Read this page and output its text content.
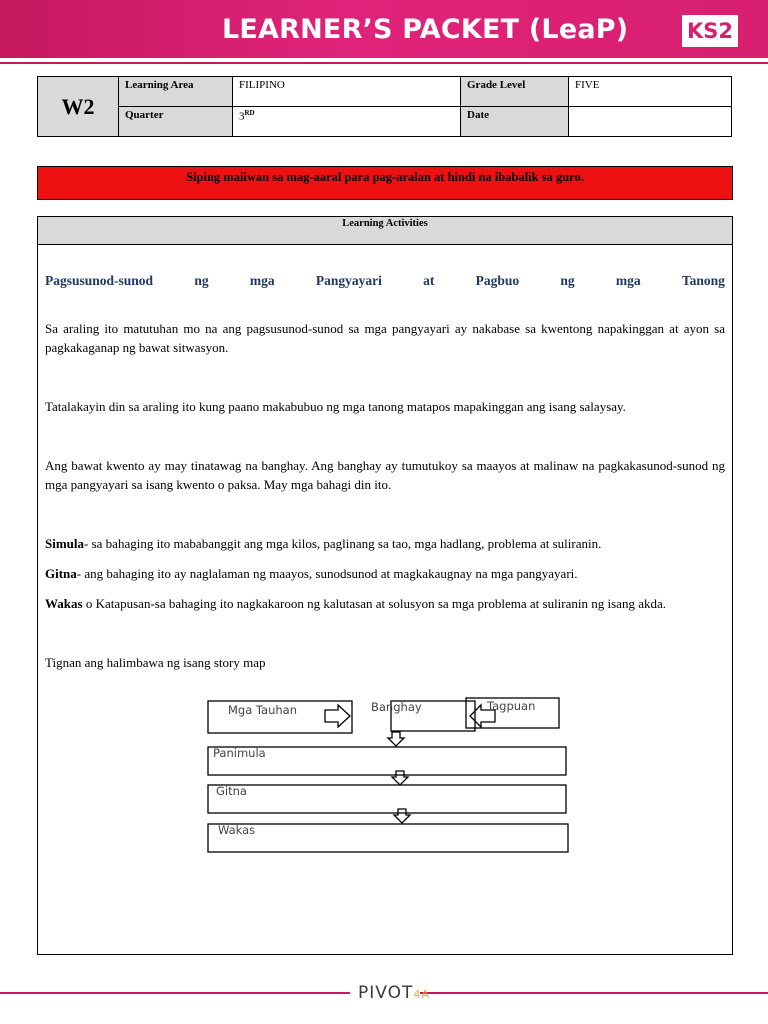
LEARNER’S PACKET (LeaP)	KS2
W2	Learning Area	FILIPINO	Grade Level	FIVE
	Quarter	3RD	Date	
Siping maiiwan sa mag-aaral para pag-aralan at hindi na ibabalik sa guro.
Learning Activities
Pagsusunod-sunod	ng	mga	Pangyayari	at	Pagbuo	ng	mga	Tanong
Sa araling ito matutuhan mo na ang pagsusunod-sunod sa mga pangyayari ay nakabase sa kwentong napakinggan at ayon sa pagkakaganap ng bawat sitwasyon.
Tatalakayin din sa araling ito kung paano makabubuo ng mga tanong matapos mapakinggan ang isang salaysay.
Ang bawat kwento ay may tinatawag na banghay. Ang banghay ay tumutukoy sa maayos at malinaw na pagkakasunod-sunod ng mga pangyayari sa isang kwento o paksa. May mga bahagi din ito.
Simula- sa bahaging ito mababanggit ang mga kilos, paglinang sa tao, mga hadlang, problema at suliranin.
Gitna- ang bahaging ito ay naglalaman ng maayos, sunodsunod at magkakaugnay na mga pangyayari.
Wakas o Katapusan-sa bahaging ito nagkakaroon ng kalutasan at solusyon sa mga problema at suliranin ng isang akda.
Tignan ang halimbawa ng isang story map
Mga Tauhan	Banghay	Tagpuan
Panimula
Gitna
Wakas
PIVOT4A
